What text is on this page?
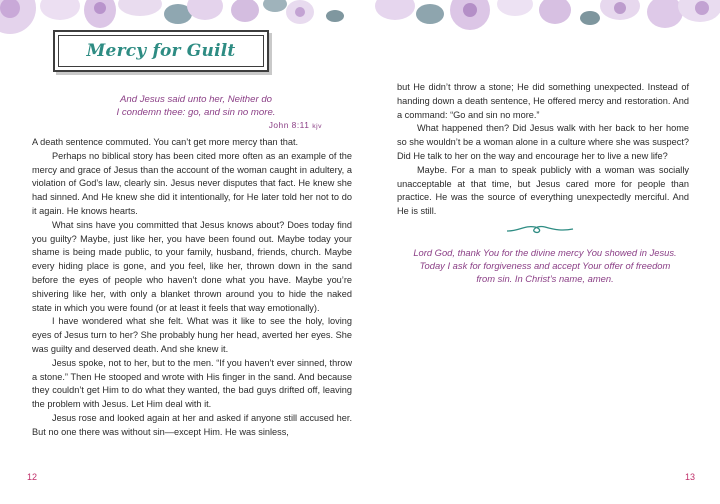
Mercy for Guilt
And Jesus said unto her, Neither do
I condemn thee: go, and sin no more.
John 8:11 kjv

A death sentence commuted. You can’t get more mercy than that.

Perhaps no biblical story has been cited more often as an example of the mercy and grace of Jesus than the account of the woman caught in adultery, a violation of God’s law, clearly sin. Jesus never disputes that fact. He knew she had sinned. And He knew she did it intentionally, for He later told her not to do it again. He knows hearts.

What sins have you committed that Jesus knows about? Does today find you guilty? Maybe, just like her, you have been found out. Maybe today your shame is being made public, to your family, husband, friends, church. Maybe every hiding place is gone, and you feel, like her, thrown down in the sand before the eyes of people who haven’t done what you have. Maybe you’re shivering like her, with only a blanket thrown around you to hide the naked state in which you were found (or at least it feels that way emotionally).

I have wondered what she felt. What was it like to see the holy, loving eyes of Jesus turn to her? She probably hung her head, averted her eyes. She was guilty and deserved death. And she knew it.

Jesus spoke, not to her, but to the men. “If you haven’t ever sinned, throw a stone.” Then He stooped and wrote with His finger in the sand. And because they couldn’t get Him to do what they wanted, the bad guys drifted off, leaving the problem with Jesus. Let Him deal with it.

Jesus rose and looked again at her and asked if anyone still accused her. But no one there was without sin—except Him. He was sinless,

but He didn’t throw a stone; He did something unexpected. Instead of handing down a death sentence, He offered mercy and restoration. And a command: “Go and sin no more.”

What happened then? Did Jesus walk with her back to her home so she wouldn’t be a woman alone in a culture where she was suspect? Did He talk to her on the way and encourage her to live a new life?

Maybe. For a man to speak publicly with a woman was socially unacceptable at that time, but Jesus cared more for people than practice. He was the source of everything unexpectedly merciful. And He is still.

Lord God, thank You for the divine mercy You showed in Jesus. Today I ask for forgiveness and accept Your offer of freedom from sin. In Christ’s name, amen.
12	13
